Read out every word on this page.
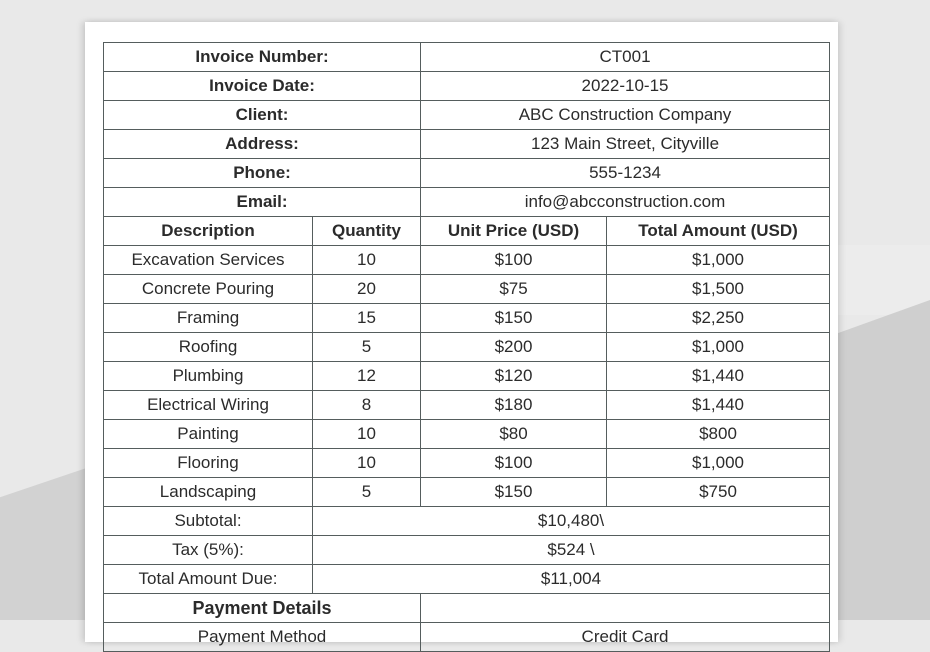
Invoice Number:		CT001	
Invoice Date:		2022-10-15	
Client:		ABC Construction Company	
Address:		123 Main Street, Cityville	
Phone:		555-1234	
Email:		info@abcconstruction.com	
Description	Quantity	Unit Price (USD)	Total Amount (USD)
Excavation Services	10	$100	$1,000
Concrete Pouring	20	$75	$1,500
Framing	15	$150	$2,250
Roofing	5	$200	$1,000
Plumbing	12	$120	$1,440
Electrical Wiring	8	$180	$1,440
Painting	10	$80	$800
Flooring	10	$100	$1,000
Landscaping	5	$150	$750
Subtotal:	$10,480\		
Tax (5%):	$524 \		
Total Amount Due:	$11,004		
Payment Details			
Payment Method		Credit Card	
